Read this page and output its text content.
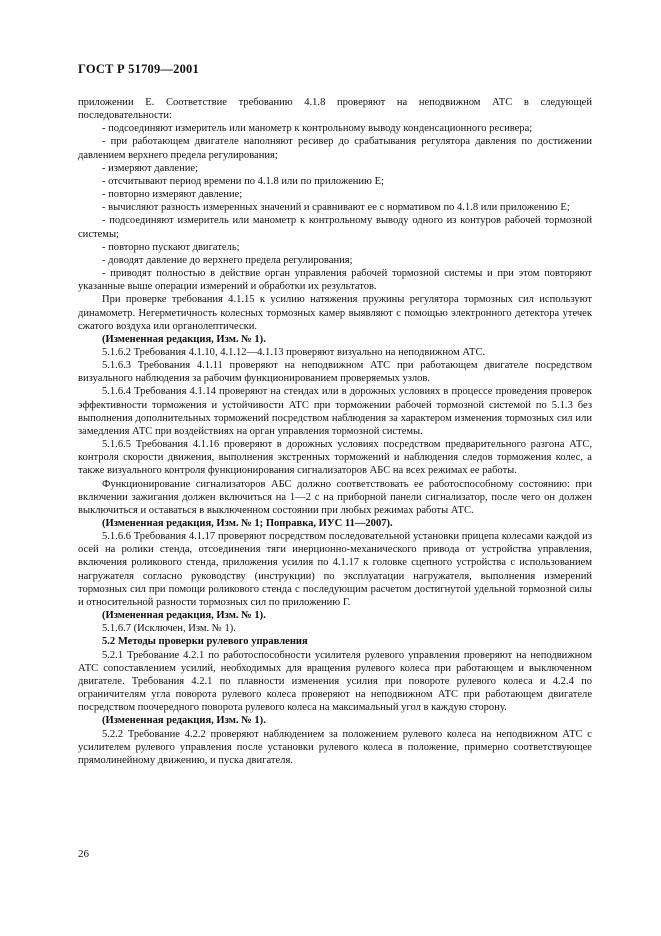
ГОСТ Р 51709—2001

приложении Е. Соответствие требованию 4.1.8 проверяют на неподвижном АТС в следующей последовательности:

- подсоединяют измеритель или манометр к контрольному выводу конденсационного ресивера;

- при работающем двигателе наполняют ресивер до срабатывания регулятора давления по достижении давлением верхнего предела регулирования;

- измеряют давление;

- отсчитывают период времени по 4.1.8 или по приложению Е;

- повторно измеряют давление;

- вычисляют разность измеренных значений и сравнивают ее с нормативом по 4.1.8 или приложению Е;

- подсоединяют измеритель или манометр к контрольному выводу одного из контуров рабочей тормозной системы;

- повторно пускают двигатель;

- доводят давление до верхнего предела регулирования;

- приводят полностью в действие орган управления рабочей тормозной системы и при этом повторяют указанные выше операции измерений и обработки их результатов.

При проверке требования 4.1.15 к усилию натяжения пружины регулятора тормозных сил используют динамометр. Негерметичность колесных тормозных камер выявляют с помощью электронного детектора утечек сжатого воздуха или органолептически.

(Измененная редакция, Изм. № 1).

5.1.6.2 Требования 4.1.10, 4.1.12—4.1.13 проверяют визуально на неподвижном АТС.

5.1.6.3 Требования 4.1.11 проверяют на неподвижном АТС при работающем двигателе посредством визуального наблюдения за рабочим функционированием проверяемых узлов.

5.1.6.4 Требования 4.1.14 проверяют на стендах или в дорожных условиях в процессе проведения проверок эффективности торможения и устойчивости АТС при торможении рабочей тормозной системой по 5.1.3 без выполнения дополнительных торможений посредством наблюдения за характером изменения тормозных сил или замедления АТС при воздействиях на орган управления тормозной системы.

5.1.6.5 Требования 4.1.16 проверяют в дорожных условиях посредством предварительного разгона АТС, контроля скорости движения, выполнения экстренных торможений и наблюдения следов торможения колес, а также визуального контроля функционирования сигнализаторов АБС на всех режимах ее работы.

Функционирование сигнализаторов АБС должно соответствовать ее работоспособному состоянию: при включении зажигания должен включиться на 1—2 с на приборной панели сигнализатор, после чего он должен выключиться и оставаться в выключенном состоянии при любых режимах работы АТС.

(Измененная редакция, Изм. № 1; Поправка, ИУС 11—2007).

5.1.6.6 Требования 4.1.17 проверяют посредством последовательной установки прицепа колесами каждой из осей на ролики стенда, отсоединения тяги инерционно-механического привода от устройства управления, включения роликового стенда, приложения усилия по 4.1.17 к головке сцепного устройства с использованием нагружателя согласно руководству (инструкции) по эксплуатации нагружателя, выполнения измерений тормозных сил при помощи роликового стенда с последующим расчетом достигнутой удельной тормозной силы и относительной разности тормозных сил по приложению Г.

(Измененная редакция, Изм. № 1).

5.1.6.7 (Исключен, Изм. № 1).

5.2 Методы проверки рулевого управления

5.2.1 Требование 4.2.1 по работоспособности усилителя рулевого управления проверяют на неподвижном АТС сопоставлением усилий, необходимых для вращения рулевого колеса при работающем и выключенном двигателе. Требования 4.2.1 по плавности изменения усилия при повороте рулевого колеса и 4.2.4 по ограничителям угла поворота рулевого колеса проверяют на неподвижном АТС при работающем двигателе посредством поочередного поворота рулевого колеса на максимальный угол в каждую сторону.

(Измененная редакция, Изм. № 1).

5.2.2 Требование 4.2.2 проверяют наблюдением за положением рулевого колеса на неподвижном АТС с усилителем рулевого управления после установки рулевого колеса в положение, примерно соответствующее прямолинейному движению, и пуска двигателя.

26
